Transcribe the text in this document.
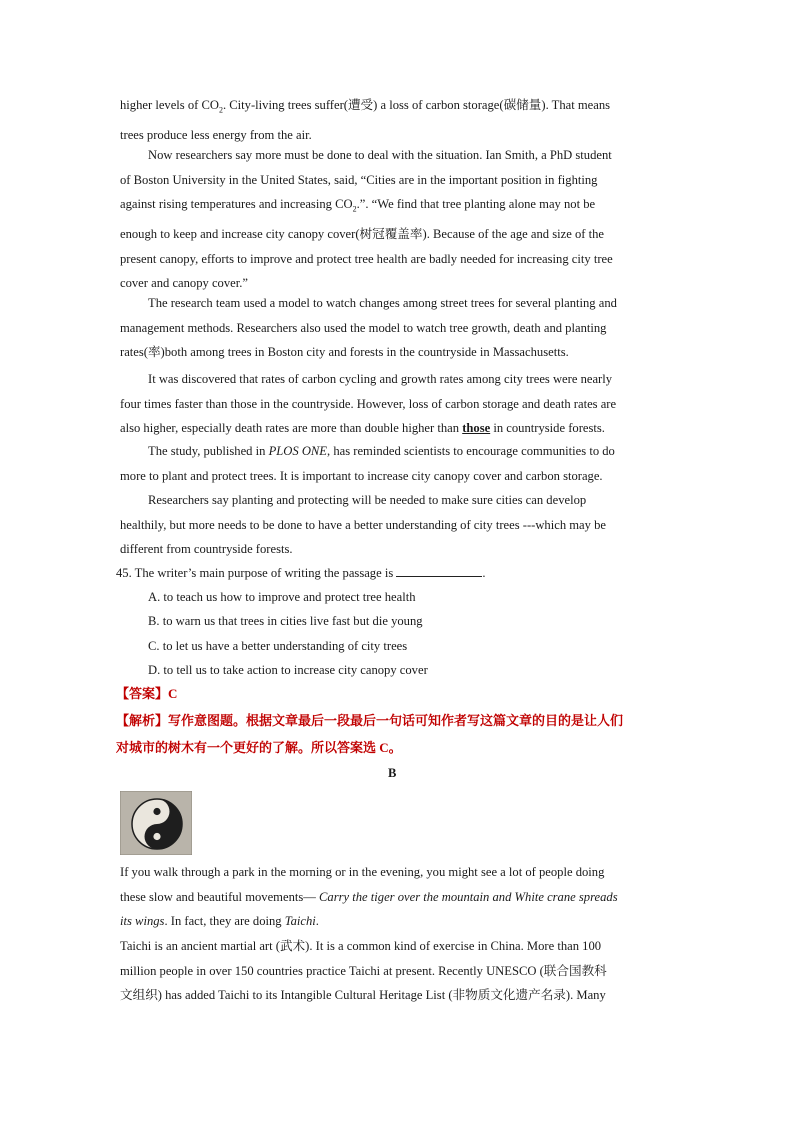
higher levels of $CO_2$. City-living trees suffer(遭受) a loss of carbon storage(碳储量). That means
trees produce less energy from the air.
Now researchers say more must be done to deal with the situation. Ian Smith, a PhD student
of Boston University in the United States, said, “Cities are in the important position in fighting
against rising temperatures and increasing $CO_2$.”. “We find that tree planting alone may not be
enough to keep and increase city canopy cover(树冠覆盖率). Because of the age and size of the
present canopy, efforts to improve and protect tree health are badly needed for increasing city tree
cover and canopy cover.”
The research team used a model to watch changes among street trees for several planting and
management methods. Researchers also used the model to watch tree growth, death and planting
rates(率)both among trees in Boston city and forests in the countryside in Massachusetts.
It was discovered that rates of carbon cycling and growth rates among city trees were nearly
four times faster than those in the countryside. However, loss of carbon storage and death rates are
also higher, especially death rates are more than double higher than those in countryside forests.
The study, published in PLOS ONE, has reminded scientists to encourage communities to do
more to plant and protect trees. It is important to increase city canopy cover and carbon storage.
Researchers say planting and protecting will be needed to make sure cities can develop
healthily, but more needs to be done to have a better understanding of city trees ---which may be
different from countryside forests.
45. The writer’s main purpose of writing the passage is	.
A. to teach us how to improve and protect tree health
B. to warn us that trees in cities live fast but die young
C. to let us have a better understanding of city trees
D. to tell us to take action to increase city canopy cover
【答案】C
【解析】写作意图题。根据文章最后一段最后一句话可知作者写这篇文章的目的是让人们
对城市的树木有一个更好的了解。所以答案选 C。
B
If you walk through a park in the morning or in the evening, you might see a lot of people doing
these slow and beautiful movements— Carry the tiger over the mountain and White crane spreads
its wings. In fact, they are doing Taichi.
Taichi is an ancient martial art (武术). It is a common kind of exercise in China. More than 100
million people in over 150 countries practice Taichi at present. Recently UNESCO (联合国教科
文组织) has added Taichi to its Intangible Cultural Heritage List (非物质文化遗产名录). Many
